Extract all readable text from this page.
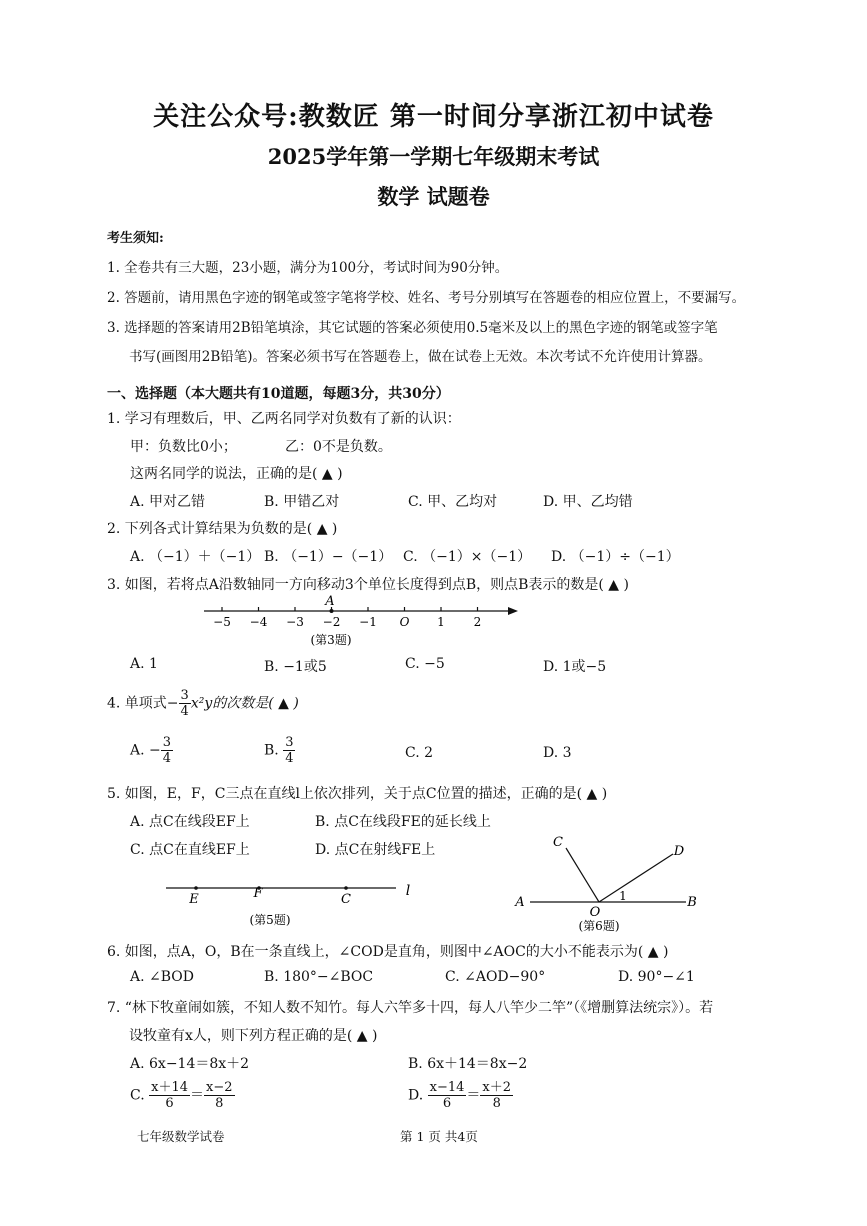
关注公众号:教数匠 第一时间分享浙江初中试卷
2025学年第一学期七年级期末考试
数学 试题卷
考生须知:
1. 全卷共有三大题，23小题，满分为100分，考试时间为90分钟。
2. 答题前，请用黑色字迹的钢笔或签字笔将学校、姓名、考号分别填写在答题卷的相应位置上，不要漏写。
3. 选择题的答案请用2B铅笔填涂，其它试题的答案必须使用0.5毫米及以上的黑色字迹的钢笔或签字笔
书写(画图用2B铅笔)。答案必须书写在答题卷上，做在试卷上无效。本次考试不允许使用计算器。
一、选择题（本大题共有10道题，每题3分，共30分）
1. 学习有理数后，甲、乙两名同学对负数有了新的认识：
甲：负数比0小；	乙：0不是负数。
这两名同学的说法，正确的是( ▲ )
A. 甲对乙错	B. 甲错乙对	C. 甲、乙均对	D. 甲、乙均错
2. 下列各式计算结果为负数的是( ▲ )
A. （−1）＋（−1） B. （−1）−（−1） C. （−1）×（−1） D. （−1）÷（−1）
3. 如图，若将点A沿数轴同一方向移动3个单位长度得到点B，则点B表示的数是( ▲ )
−5 −4 −3 −2 −1 O 1 2
A
(第3题)
A. 1	B. −1或5	C. −5	D. 1或−5
4. 单项式− $\frac{3}{4} x^2y$的次数是( ▲ )
A. − $\frac{3}{4}$	B. $\frac{3}{4}$	C. 2	D. 3
5. 如图，E，F，C三点在直线l上依次排列，关于点C位置的描述，正确的是( ▲ )
A. 点C在线段EF上	B. 点C在线段FE的延长线上
C. 点C在直线EF上	D. 点C在射线FE上
E	F	C
l
(第5题)
C
D
A
O
1	B
(第6题)
6. 如图，点A，O，B在一条直线上，∠COD是直角，则图中∠AOC的大小不能表示为( ▲ )
A. ∠BOD	B. 180°−∠BOC	C. ∠AOD−90°	D. 90°−∠1
7. “林下牧童闹如簇，不知人数不知竹。每人六竿多十四，每人八竿少二竿”（《增删算法统宗》）。若
设牧童有x人，则下列方程正确的是( ▲ )
A. 6x−14＝8x＋2	B. 6x＋14＝8x−2
C. $\frac{x+14}{6} = \frac{x-2}{8}$	D. $\frac{x-14}{6} = \frac{x+2}{8}$
七年级数学试卷	第 1 页 共4页
